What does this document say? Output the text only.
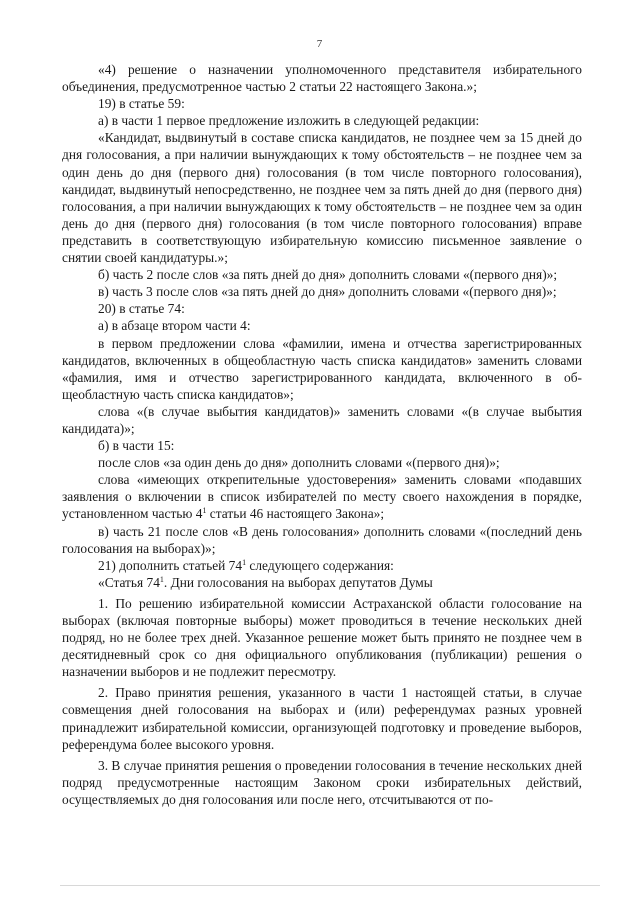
7

«4) решение о назначении уполномоченного представителя избирательного объединения, предусмотренное частью 2 статьи 22 настоящего Закона.»;

19) в статье 59:

а) в части 1 первое предложение изложить в следующей редакции:

«Кандидат, выдвинутый в составе списка кандидатов, не позднее чем за 15 дней до дня голосования, а при наличии вынуждающих к тому обстоятельств – не позднее чем за один день до дня (первого дня) голосования (в том числе повторного голосования), кандидат, выдвинутый непосредственно, не позднее чем за пять дней до дня (первого дня) голосования, а при наличии вынуждающих к тому обстоятельств – не позднее чем за один день до дня (первого дня) голосования (в том числе повторного голосования) вправе представить в соответствующую избирательную комиссию письменное заявление о снятии своей кандидатуры.»;

б) часть 2 после слов «за пять дней до дня» дополнить словами «(первого дня)»;

в) часть 3 после слов «за пять дней до дня» дополнить словами «(первого дня)»;

20) в статье 74:

а) в абзаце втором части 4:

в первом предложении слова «фамилии, имена и отчества зарегистрированных кандидатов, включенных в общеобластную часть списка кандидатов» заменить словами «фамилия, имя и отчество зарегистрированного кандидата, включенного в общеобластную часть списка кандидатов»;

слова «(в случае выбытия кандидатов)» заменить словами «(в случае выбытия кандидата)»;

б) в части 15:

после слов «за один день до дня» дополнить словами «(первого дня)»;

слова «имеющих открепительные удостоверения» заменить словами «подавших заявления о включении в список избирателей по месту своего нахождения в порядке, установленном частью $4^1$ статьи 46 настоящего Закона»;

в) часть 21 после слов «В день голосования» дополнить словами «(последний день голосования на выборах)»;

21) дополнить статьей $74^1$ следующего содержания:

«Статья $74^1$. Дни голосования на выборах депутатов Думы

1. По решению избирательной комиссии Астраханской области голосование на выборах (включая повторные выборы) может проводиться в течение нескольких дней подряд, но не более трех дней. Указанное решение может быть принято не позднее чем в десятидневный срок со дня официального опубликования (публикации) решения о назначении выборов и не подлежит пересмотру.

2. Право принятия решения, указанного в части 1 настоящей статьи, в случае совмещения дней голосования на выборах и (или) референдумах разных уровней принадлежит избирательной комиссии, организующей подготовку и проведение выборов, референдума более высокого уровня.

3. В случае принятия решения о проведении голосования в течение нескольких дней подряд предусмотренные настоящим Законом сроки избирательных действий, осуществляемых до дня голосования или после него, отсчитываются от по-
